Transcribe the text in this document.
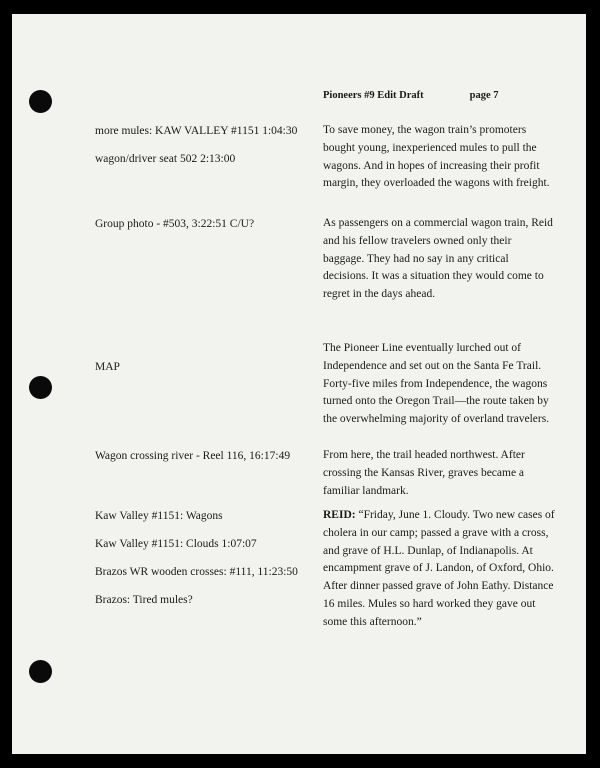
Pioneers #9 Edit Draft	page 7
more mules: KAW VALLEY #1151 1:04:30
wagon/driver seat 502 2:13:00
Group photo - #503, 3:22:51 C/U?
MAP
Wagon crossing river - Reel 116, 16:17:49
Kaw Valley #1151: Wagons
Kaw Valley #1151: Clouds 1:07:07
Brazos WR wooden crosses: #111, 11:23:50
Brazos: Tired mules?
To save money, the wagon train’s promoters bought young, inexperienced mules to pull the wagons. And in hopes of increasing their profit margin, they overloaded the wagons with freight.
As passengers on a commercial wagon train, Reid and his fellow travelers owned only their baggage. They had no say in any critical decisions. It was a situation they would come to regret in the days ahead.
The Pioneer Line eventually lurched out of Independence and set out on the Santa Fe Trail. Forty-five miles from Independence, the wagons turned onto the Oregon Trail—the route taken by the overwhelming majority of overland travelers.
From here, the trail headed northwest. After crossing the Kansas River, graves became a familiar landmark.
REID: “Friday, June 1. Cloudy. Two new cases of cholera in our camp; passed a grave with a cross, and grave of H.L. Dunlap, of Indianapolis. At encampment grave of J. Landon, of Oxford, Ohio. After dinner passed grave of John Eathy. Distance 16 miles. Mules so hard worked they gave out some this afternoon.”
